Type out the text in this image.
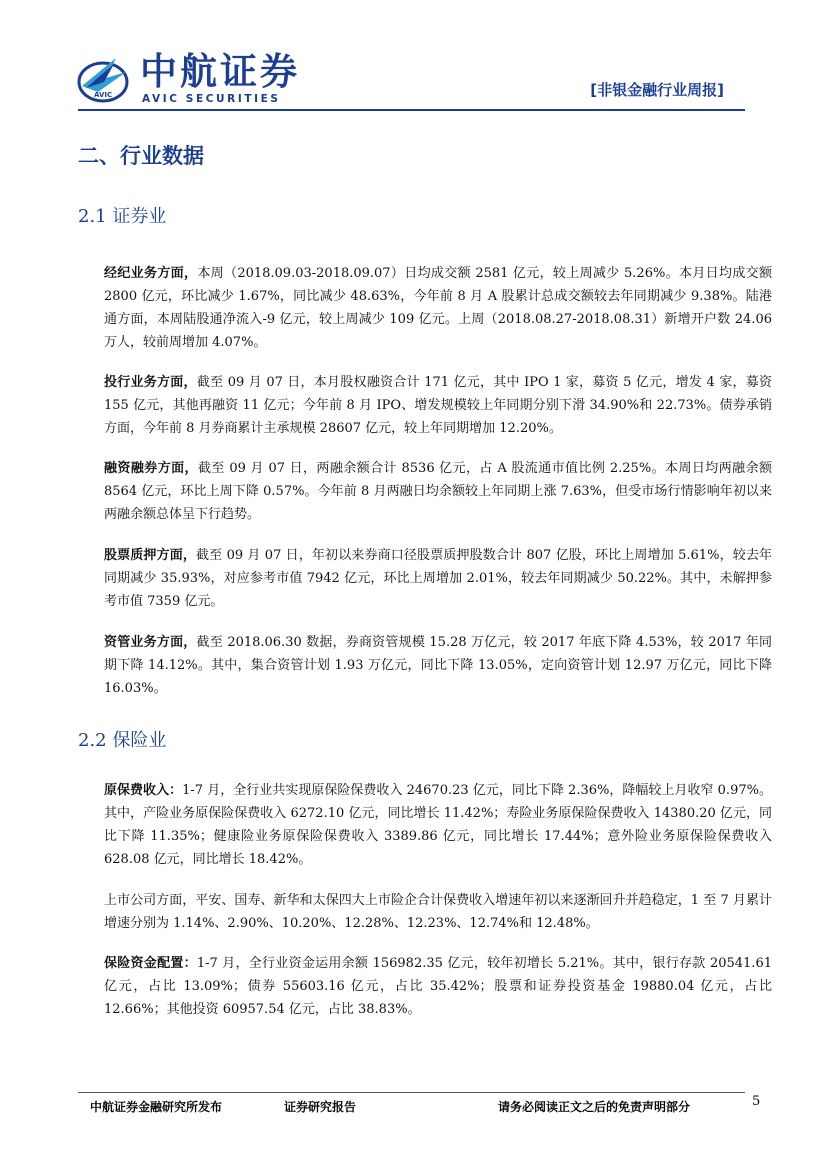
AVIC
中航证券
AVIC SECURITIES	[非银金融行业周报]
二、行业数据
2.1 证券业

经纪业务方面，本周（2018.09.03-2018.09.07）日均成交额 2581 亿元，较上周减少 5.26%。本月日均成交额 2800 亿元，环比减少 1.67%，同比减少 48.63%，今年前 8 月 A 股累计总成交额较去年同期减少 9.38%。陆港通方面，本周陆股通净流入-9 亿元，较上周减少 109 亿元。上周（2018.08.27-2018.08.31）新增开户数 24.06 万人，较前周增加 4.07%。

投行业务方面，截至 09 月 07 日，本月股权融资合计 171 亿元，其中 IPO 1 家，募资 5 亿元，增发 4 家，募资 155 亿元，其他再融资 11 亿元；今年前 8 月 IPO、增发规模较上年同期分别下滑 34.90%和 22.73%。债券承销方面，今年前 8 月券商累计主承规模 28607 亿元，较上年同期增加 12.20%。

融资融券方面，截至 09 月 07 日，两融余额合计 8536 亿元，占 A 股流通市值比例 2.25%。本周日均两融余额 8564 亿元，环比上周下降 0.57%。今年前 8 月两融日均余额较上年同期上涨 7.63%，但受市场行情影响年初以来两融余额总体呈下行趋势。

股票质押方面，截至 09 月 07 日，年初以来券商口径股票质押股数合计 807 亿股，环比上周增加 5.61%，较去年同期减少 35.93%，对应参考市值 7942 亿元，环比上周增加 2.01%，较去年同期减少 50.22%。其中，未解押参考市值 7359 亿元。

资管业务方面，截至 2018.06.30 数据，券商资管规模 15.28 万亿元，较 2017 年底下降 4.53%，较 2017 年同期下降 14.12%。其中，集合资管计划 1.93 万亿元，同比下降 13.05%，定向资管计划 12.97 万亿元，同比下降 16.03%。

2.2 保险业

原保费收入：1-7 月，全行业共实现原保险保费收入 24670.23 亿元，同比下降 2.36%，降幅较上月收窄 0.97%。其中，产险业务原保险保费收入 6272.10 亿元，同比增长 11.42%；寿险业务原保险保费收入 14380.20 亿元，同比下降 11.35%；健康险业务原保险保费收入 3389.86 亿元，同比增长 17.44%；意外险业务原保险保费收入 628.08 亿元，同比增长 18.42%。

上市公司方面，平安、国寿、新华和太保四大上市险企合计保费收入增速年初以来逐渐回升并趋稳定，1 至 7 月累计增速分别为 1.14%、2.90%、10.20%、12.28%、12.23%、12.74%和 12.48%。

保险资金配置：1-7 月，全行业资金运用余额 156982.35 亿元，较年初增长 5.21%。其中，银行存款 20541.61 亿元，占比 13.09%；债券 55603.16 亿元，占比 35.42%；股票和证券投资基金 19880.04 亿元，占比 12.66%；其他投资 60957.54 亿元，占比 38.83%。

中航证券金融研究所发布	证券研究报告	请务必阅读正文之后的免责声明部分	5
